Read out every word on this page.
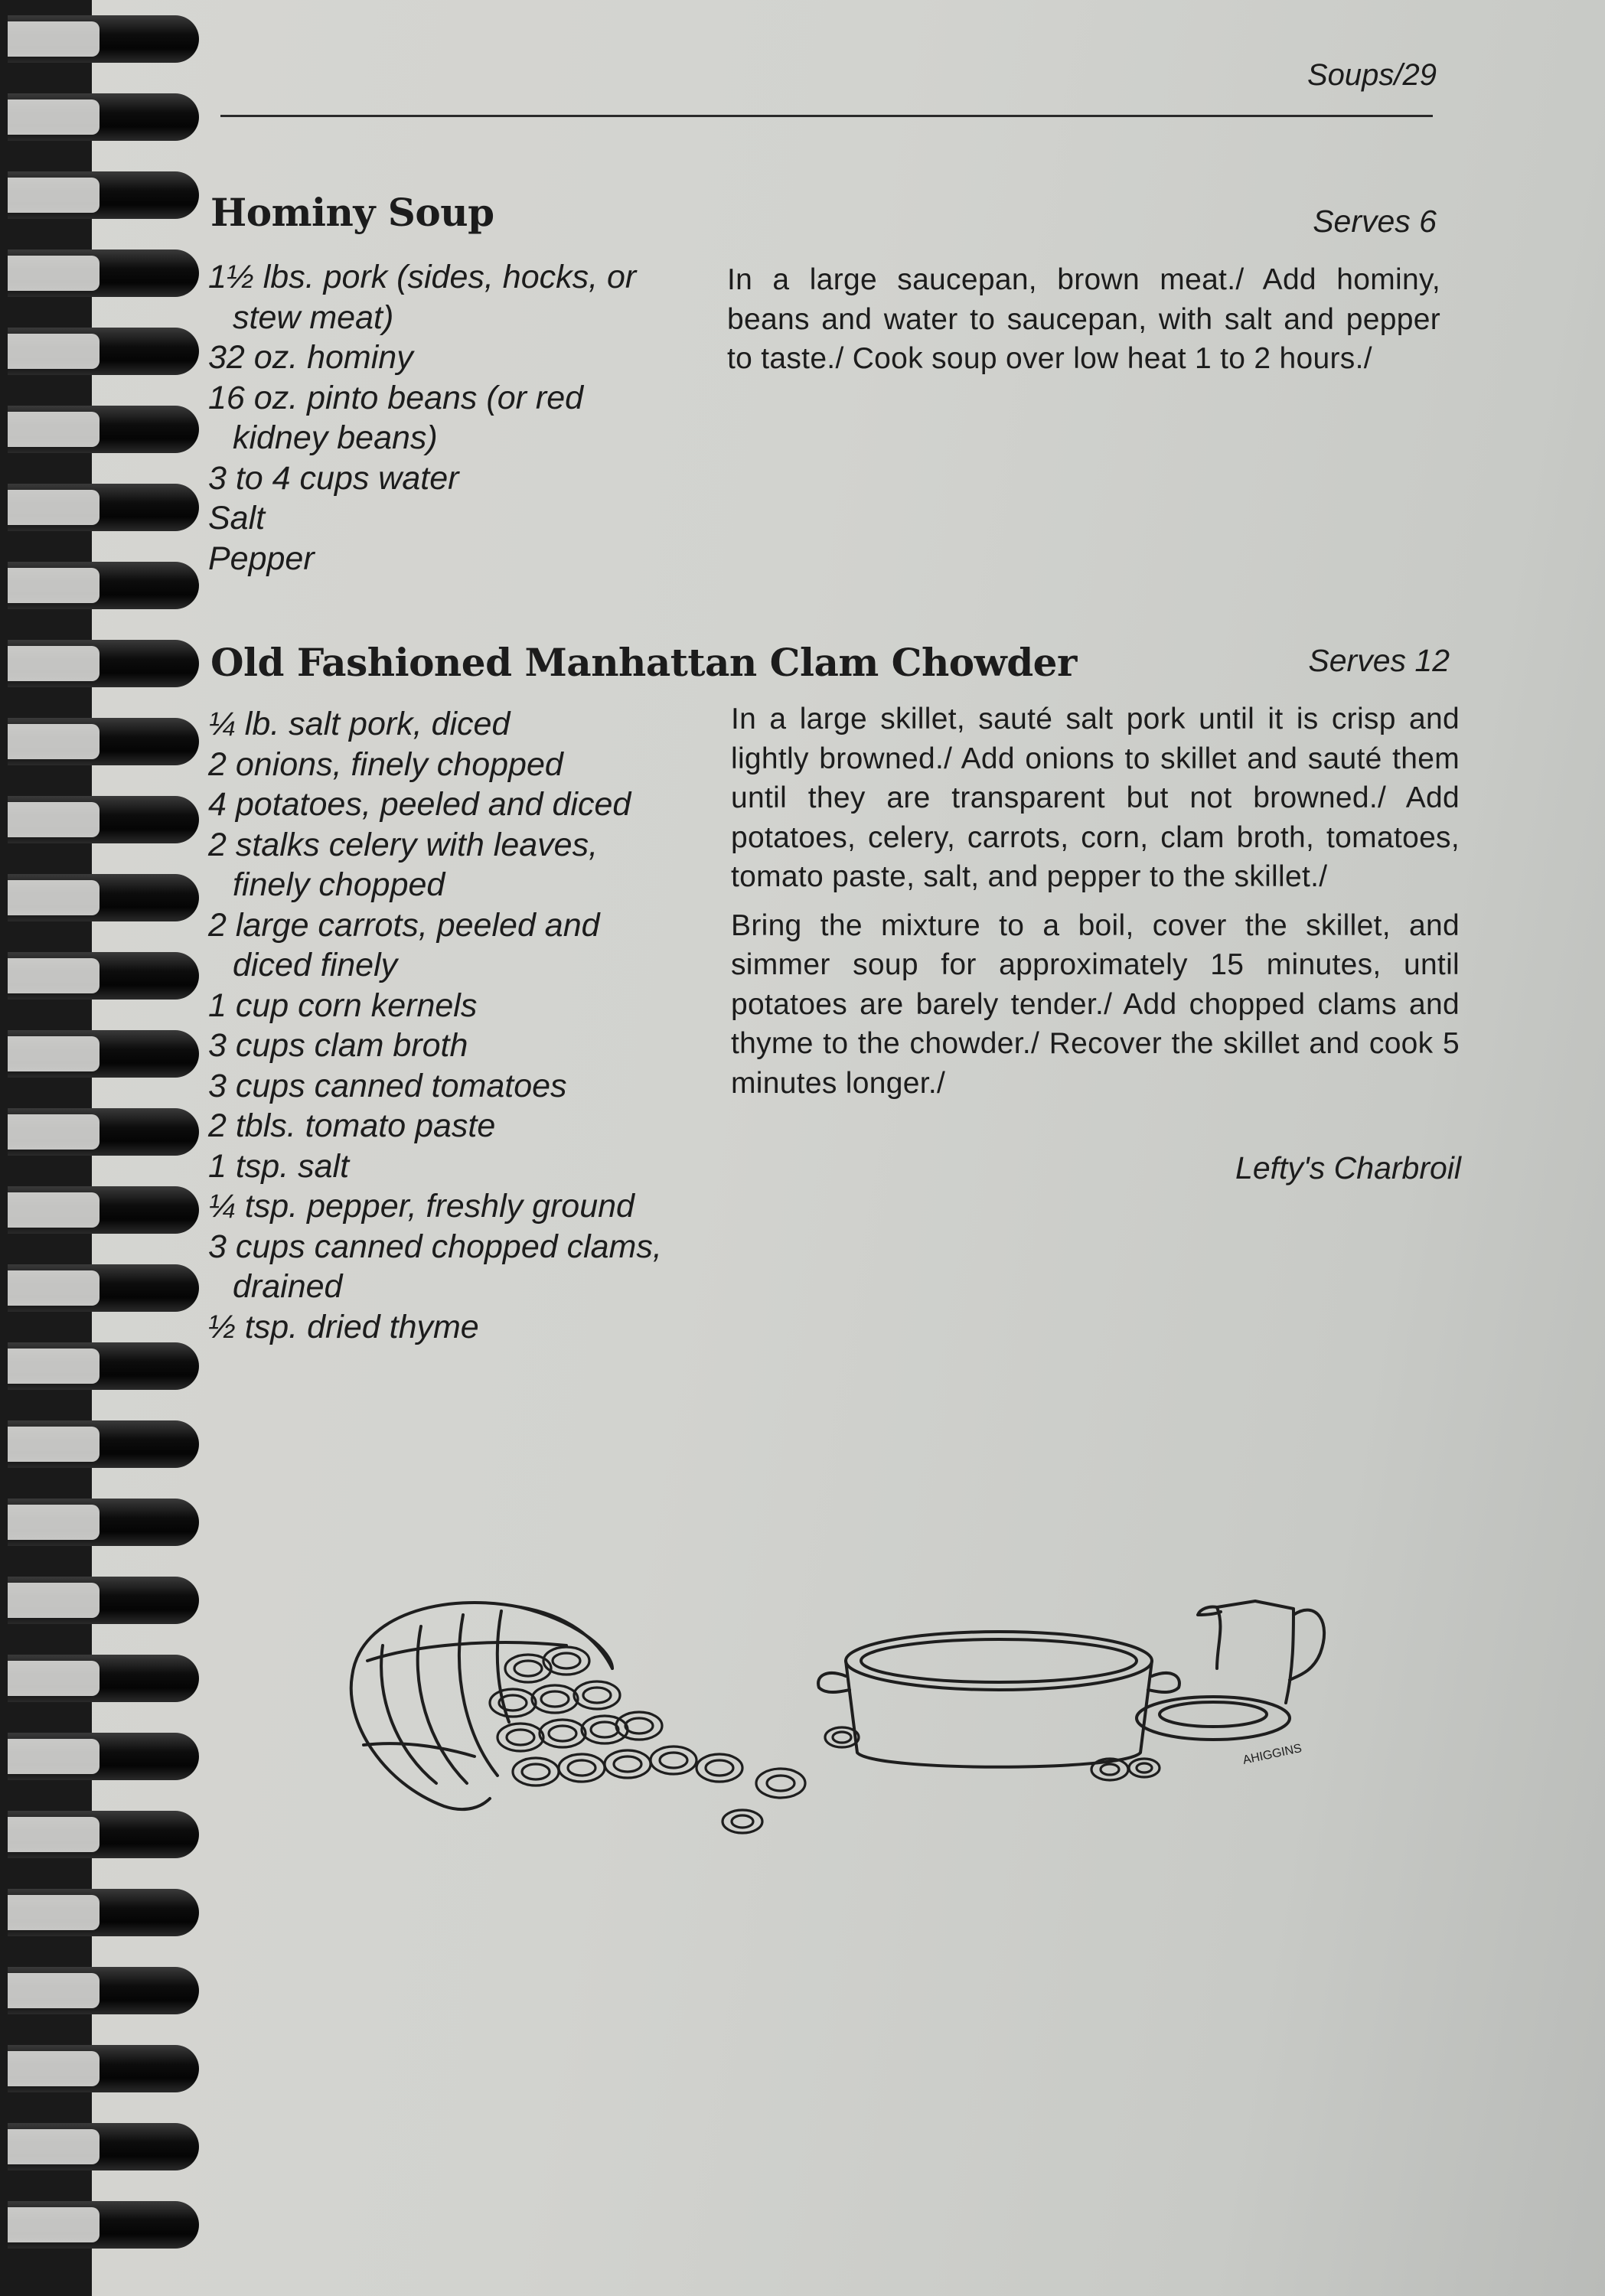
Soups/29
Hominy Soup	Serves 6
1½ lbs. pork (sides, hocks, or stew meat)
32 oz. hominy
16 oz. pinto beans (or red kidney beans)
3 to 4 cups water
Salt
Pepper

In a large saucepan, brown meat./ Add hominy, beans and water to saucepan, with salt and pepper to taste./ Cook soup over low heat 1 to 2 hours./

Old Fashioned Manhattan Clam Chowder	Serves 12
¼ lb. salt pork, diced
2 onions, finely chopped
4 potatoes, peeled and diced
2 stalks celery with leaves, finely chopped
2 large carrots, peeled and diced finely
1 cup corn kernels
3 cups clam broth
3 cups canned tomatoes
2 tbls. tomato paste
1 tsp. salt
¼ tsp. pepper, freshly ground
3 cups canned chopped clams, drained
½ tsp. dried thyme

In a large skillet, sauté salt pork until it is crisp and lightly browned./ Add onions to skillet and sauté them until they are transparent but not browned./ Add potatoes, celery, carrots, corn, clam broth, tomatoes, tomato paste, salt, and pepper to the skillet./

Bring the mixture to a boil, cover the skillet, and simmer soup for approximately 15 minutes, until potatoes are barely tender./ Add chopped clams and thyme to the chowder./ Recover the skillet and cook 5 minutes longer./

Lefty's Charbroil
AHIGGINS
